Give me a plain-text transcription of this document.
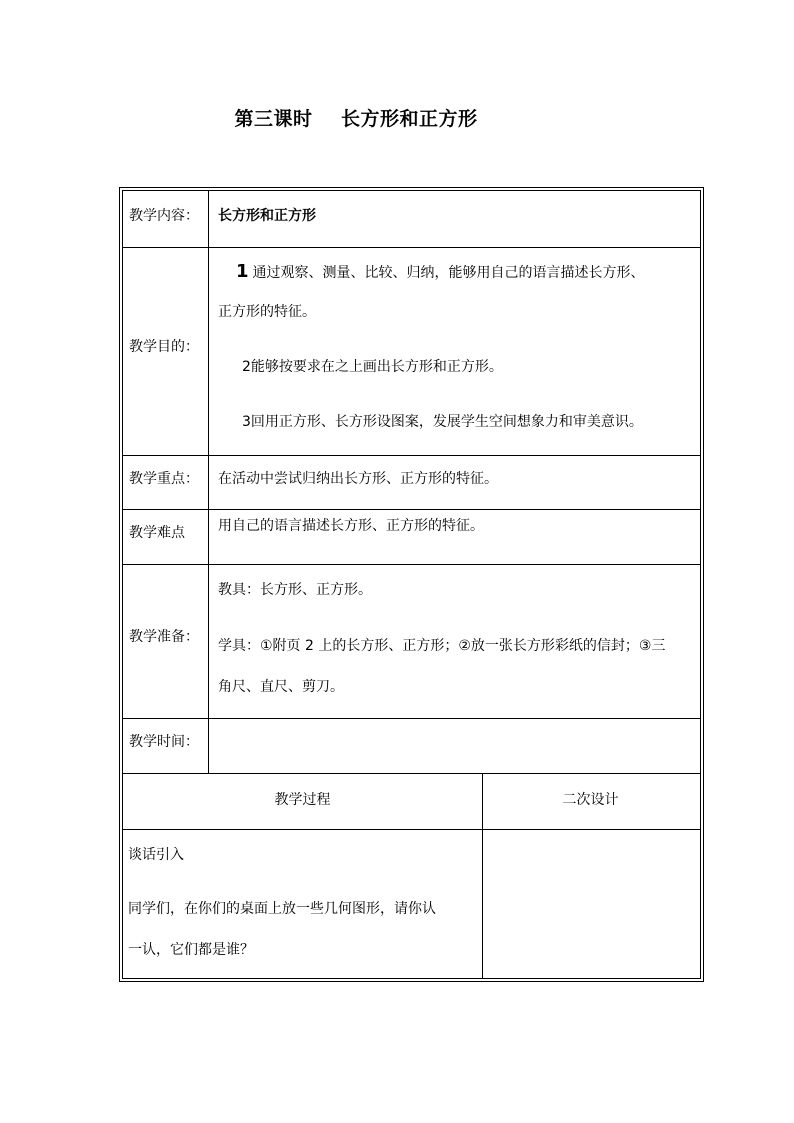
第三课时    长方形和正方形
教学内容： 长方形和正方形
教学目的：
1 通过观察、测量、比较、归纳，能够用自己的语言描述长方形、
正方形的特征。
2能够按要求在之上画出长方形和正方形。
3回用正方形、长方形设图案，发展学生空间想象力和审美意识。
教学重点： 在活动中尝试归纳出长方形、正方形的特征。
教学难点 用自己的语言描述长方形、正方形的特征。
教学准备：
教具：长方形、正方形。
学具：①附页 2 上的长方形、正方形；②放一张长方形彩纸的信封；③三
角尺、直尺、剪刀。
教学时间：
教学过程	二次设计
谈话引入
同学们，在你们的桌面上放一些几何图形，请你认
一认，它们都是谁？
